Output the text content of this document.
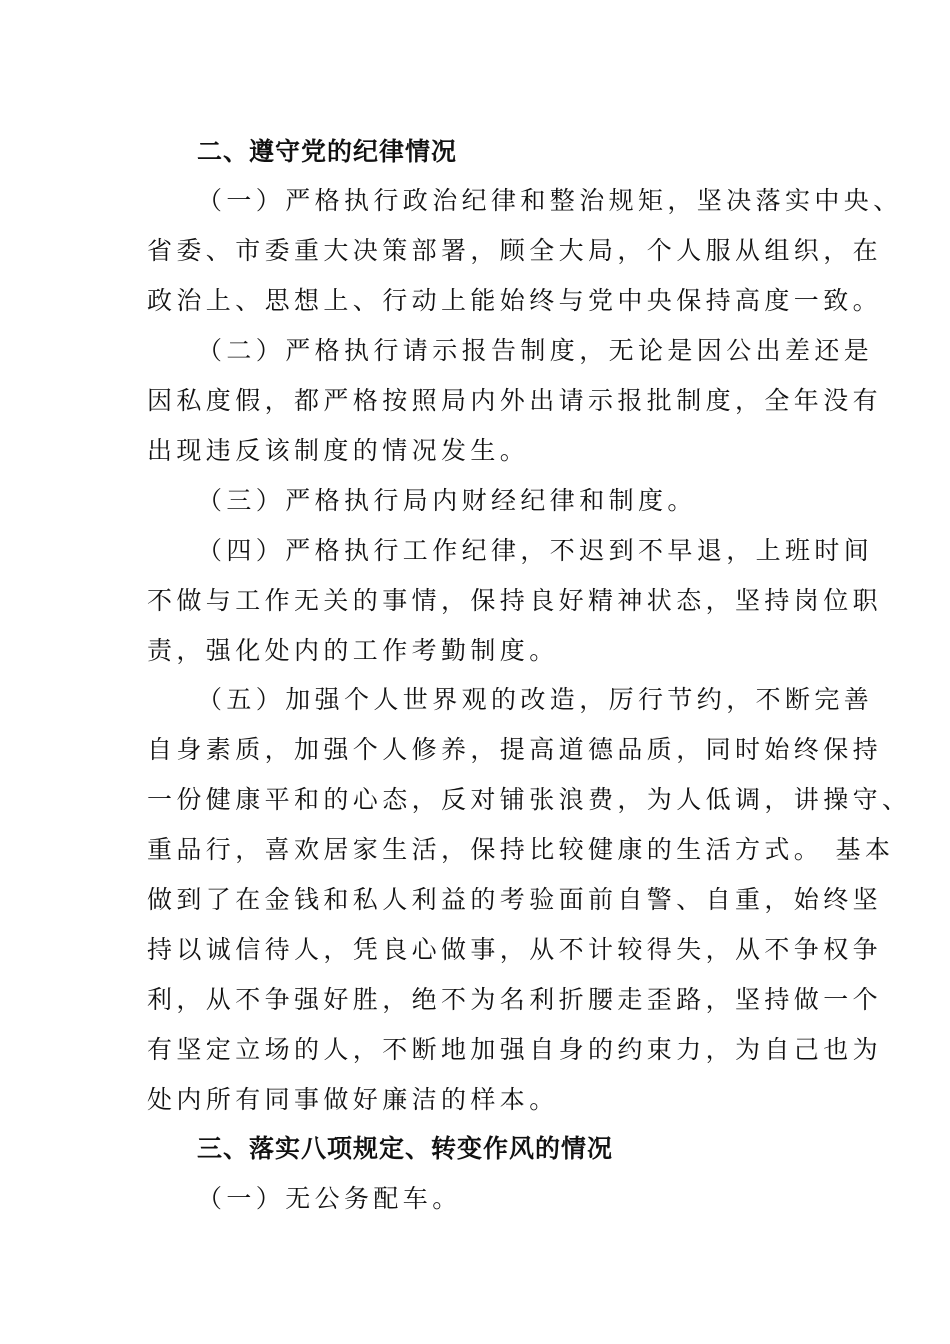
二、遵守党的纪律情况
（一）严格执行政治纪律和整治规矩，坚决落实中央、
省委、市委重大决策部署，顾全大局，个人服从组织，在
政治上、思想上、行动上能始终与党中央保持高度一致。
（二）严格执行请示报告制度，无论是因公出差还是
因私度假，都严格按照局内外出请示报批制度，全年没有
出现违反该制度的情况发生。
（三）严格执行局内财经纪律和制度。
（四）严格执行工作纪律，不迟到不早退，上班时间
不做与工作无关的事情，保持良好精神状态，坚持岗位职
责，强化处内的工作考勤制度。
（五）加强个人世界观的改造，厉行节约，不断完善
自身素质，加强个人修养，提高道德品质，同时始终保持
一份健康平和的心态，反对铺张浪费，为人低调，讲操守、
重品行，喜欢居家生活，保持比较健康的生活方式。 基本
做到了在金钱和私人利益的考验面前自警、自重，始终坚
持以诚信待人，凭良心做事，从不计较得失，从不争权争
利，从不争强好胜，绝不为名利折腰走歪路，坚持做一个
有坚定立场的人，不断地加强自身的约束力，为自己也为
处内所有同事做好廉洁的样本。
三、落实八项规定、转变作风的情况
（一）无公务配车。
